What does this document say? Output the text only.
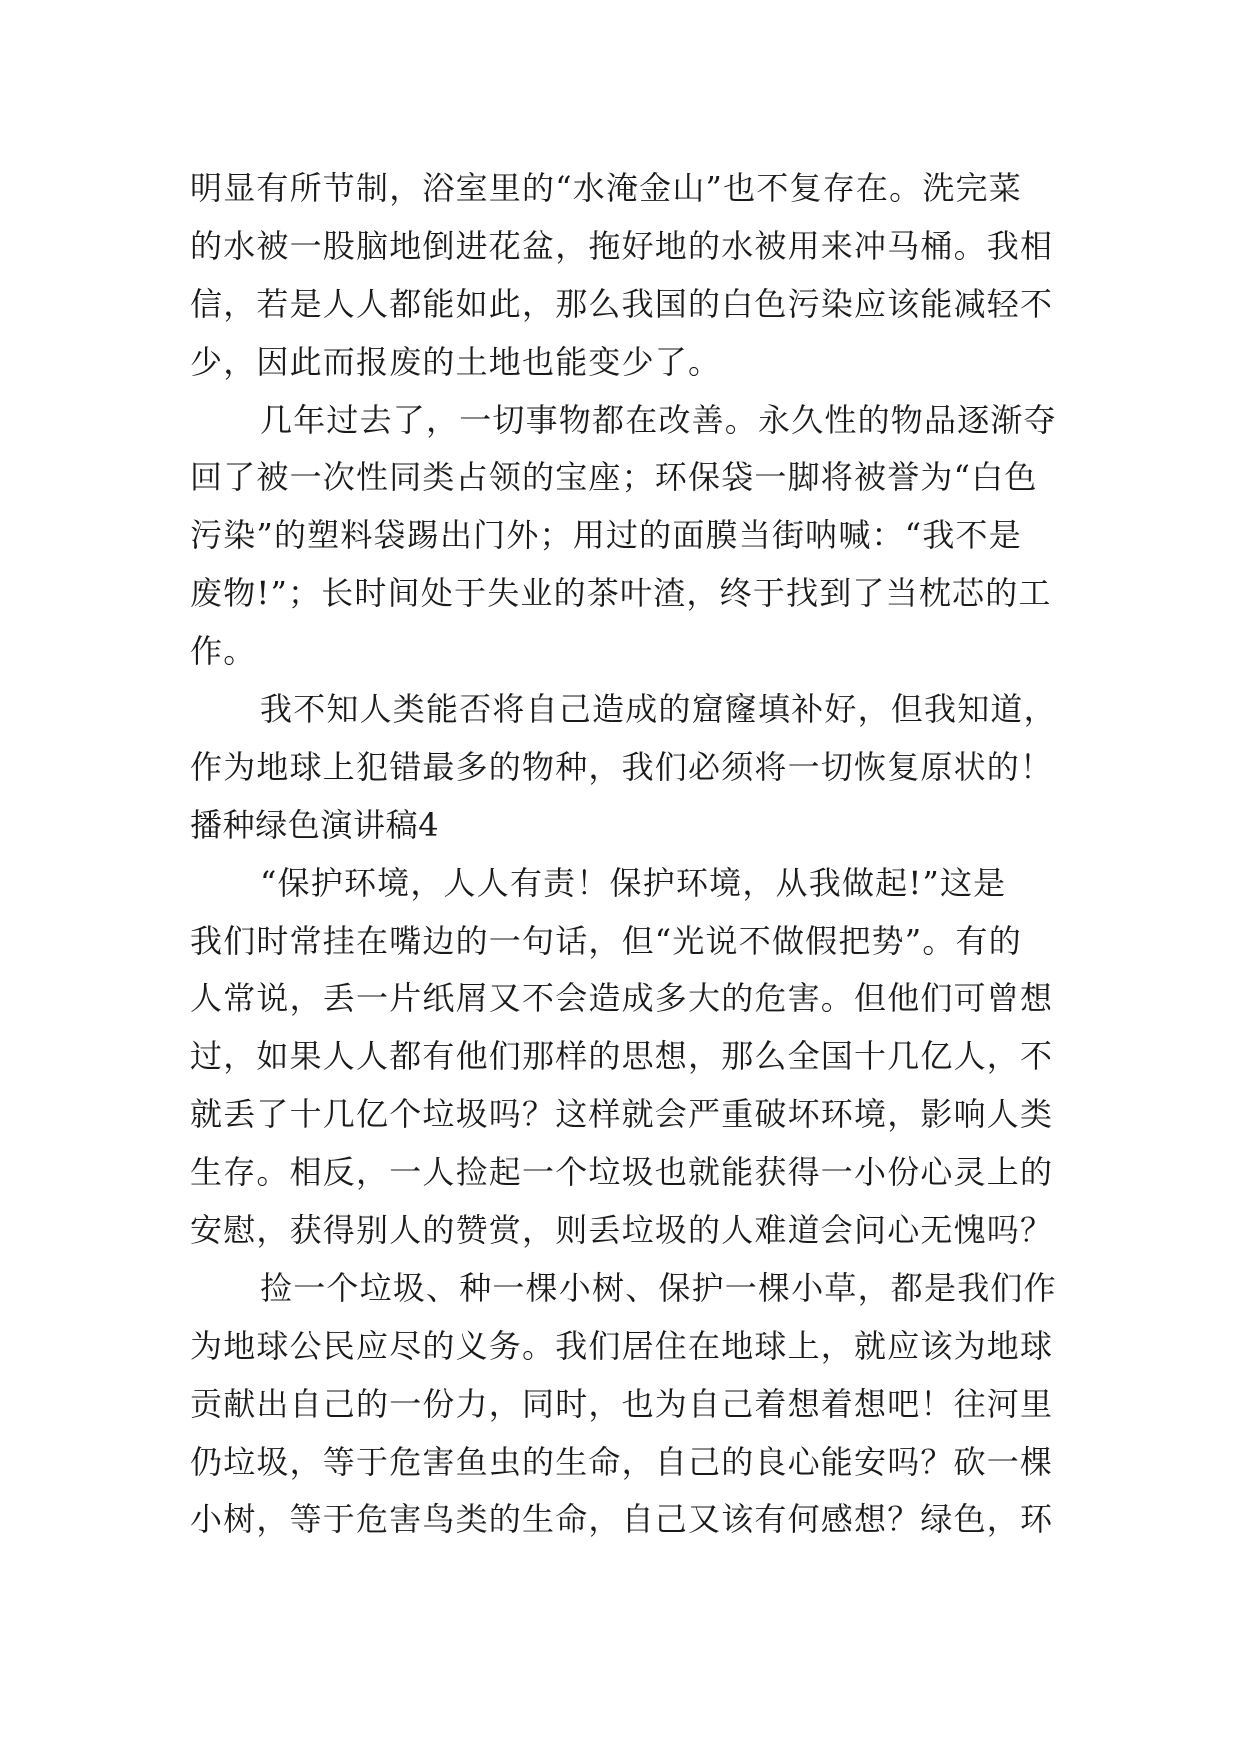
明显有所节制，浴室里的“水淹金山”也不复存在。洗完菜
的水被一股脑地倒进花盆，拖好地的水被用来冲马桶。我相
信，若是人人都能如此，那么我国的白色污染应该能减轻不
少，因此而报废的土地也能变少了。
几年过去了，一切事物都在改善。永久性的物品逐渐夺
回了被一次性同类占领的宝座；环保袋一脚将被誉为“白色
污染”的塑料袋踢出门外；用过的面膜当街呐喊：“我不是
废物!”；长时间处于失业的茶叶渣，终于找到了当枕芯的工
作。
我不知人类能否将自己造成的窟窿填补好，但我知道，
作为地球上犯错最多的物种，我们必须将一切恢复原状的！
播种绿色演讲稿4
“保护环境，人人有责！保护环境，从我做起!”这是
我们时常挂在嘴边的一句话，但“光说不做假把势”。有的
人常说，丢一片纸屑又不会造成多大的危害。但他们可曾想
过，如果人人都有他们那样的思想，那么全国十几亿人，不
就丢了十几亿个垃圾吗？这样就会严重破坏环境，影响人类
生存。相反，一人捡起一个垃圾也就能获得一小份心灵上的
安慰，获得别人的赞赏，则丢垃圾的人难道会问心无愧吗？
捡一个垃圾、种一棵小树、保护一棵小草，都是我们作
为地球公民应尽的义务。我们居住在地球上，就应该为地球
贡献出自己的一份力，同时，也为自己着想着想吧！往河里
仍垃圾，等于危害鱼虫的生命，自己的良心能安吗？砍一棵
小树，等于危害鸟类的生命，自己又该有何感想？绿色，环
